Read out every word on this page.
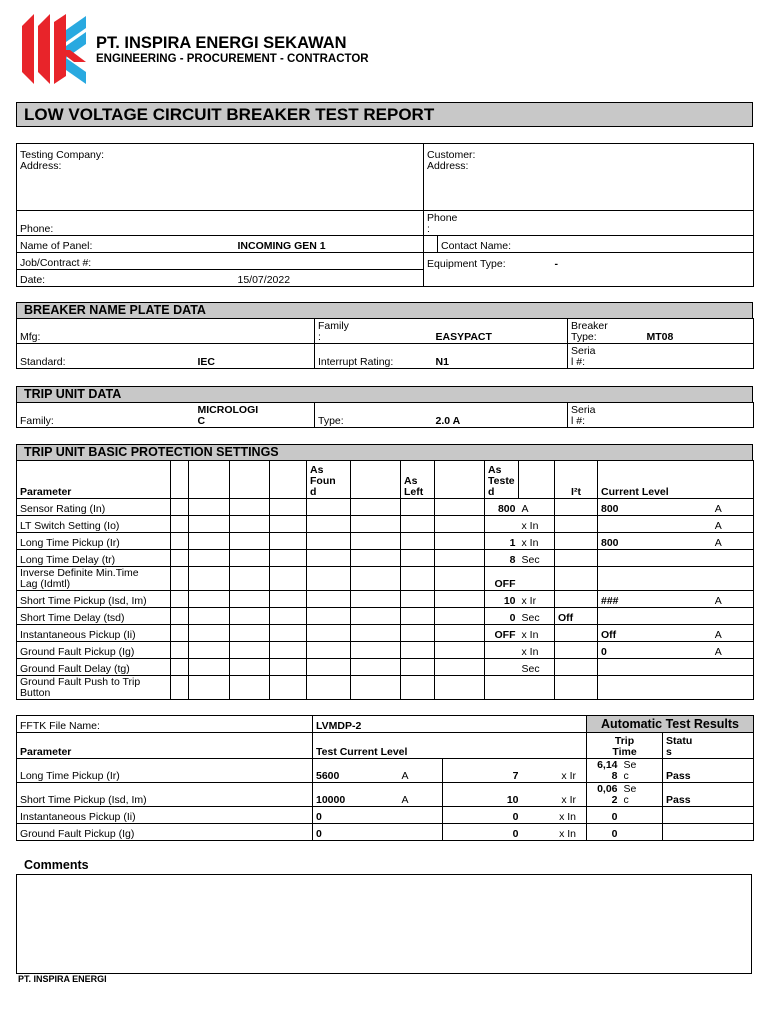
PT. INSPIRA ENERGI SEKAWAN
ENGINEERING - PROCUREMENT - CONTRACTOR
LOW VOLTAGE CIRCUIT BREAKER TEST REPORT
Testing Company:		Customer:	
Address:		Address:	
Phone:		Phone
:	
Name of Panel:	INCOMING GEN 1		Contact Name:
Job/Contract #:		Equipment Type: -	
Date:	15/07/2022		
BREAKER NAME PLATE DATA
Mfg:		Family
:	EASYPACT	Breaker
Type:	MT08
Standard:	IEC	Interrupt Rating:	N1	Seria
l #:	
TRIP UNIT DATA
Family:	MICROLOGI
C	Type:	2.0 A	Seria
l #:	
TRIP UNIT BASIC PROTECTION SETTINGS
Parameter					As
Foun
d		As
Left		As
Teste
d		I²t	Current Level	
Sensor Rating (In)									800	A		800	A
LT Switch Setting (Io)										x In			A
Long Time Pickup (Ir)									1	x In		800	A
Long Time Delay (tr)									8	Sec			
Inverse Definite Min.Time
Lag (Idmtl)									OFF				
Short Time Pickup (Isd, Im)									10	x Ir		###	A
Short Time Delay (tsd)									0	Sec	Off		
Instantaneous Pickup (Ii)									OFF	x In		Off	A
Ground Fault Pickup (Ig)										x In		0	A
Ground Fault Delay (tg)										Sec			
Ground Fault Push to Trip
Button													
FFTK File Name:	LVMDP-2				Automatic Test Results		
Parameter	Test Current Level				Trip
Time		Statu
s
Long Time Pickup (Ir)	5600	A	7	x Ir	6,14
8	Se
c	Pass
Short Time Pickup (Isd, Im)	10000	A	10	x Ir	0,06
2	Se
c	Pass
Instantaneous Pickup (Ii)	0		0	x In	0		
Ground Fault Pickup (Ig)	0		0	x In	0		
Comments
PT. INSPIRA ENERGI
